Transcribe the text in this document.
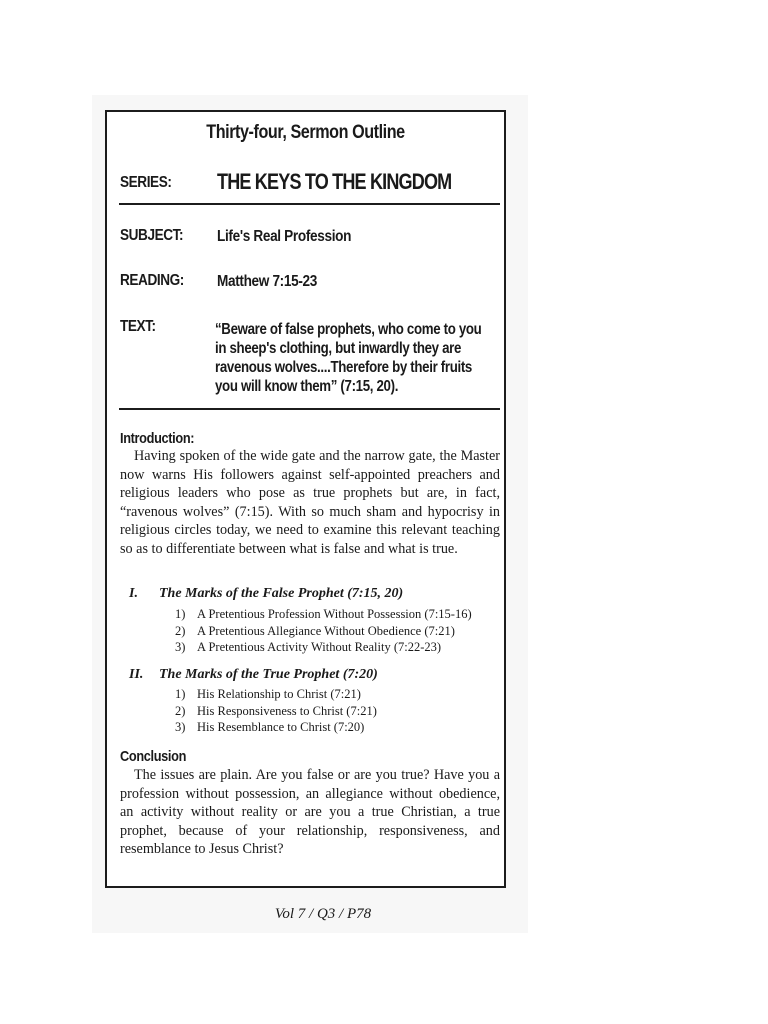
Thirty-four, Sermon Outline
SERIES: THE KEYS TO THE KINGDOM
SUBJECT: Life's Real Profession
READING: Matthew 7:15-23
TEXT:	“Beware of false prophets, who come to you in sheep's clothing, but inwardly they are ravenous wolves....Therefore by their fruits you will know them” (7:15, 20).
Introduction:
Having spoken of the wide gate and the narrow gate, the Master now warns His followers against self-appointed preachers and religious leaders who pose as true prophets but are, in fact, “ravenous wolves” (7:15). With so much sham and hypocrisy in religious circles today, we need to examine this relevant teaching so as to differentiate between what is false and what is true.
I. The Marks of the False Prophet (7:15, 20)
1) A Pretentious Profession Without Possession (7:15-16)
2) A Pretentious Allegiance Without Obedience (7:21)
3) A Pretentious Activity Without Reality (7:22-23)
II. The Marks of the True Prophet (7:20)
1) His Relationship to Christ (7:21)
2) His Responsiveness to Christ (7:21)
3) His Resemblance to Christ (7:20)
Conclusion
The issues are plain. Are you false or are you true? Have you a profession without possession, an allegiance without obedience, an activity without reality or are you a true Christian, a true prophet, because of your relationship, responsiveness, and resemblance to Jesus Christ?
Vol 7 / Q3 / P78
